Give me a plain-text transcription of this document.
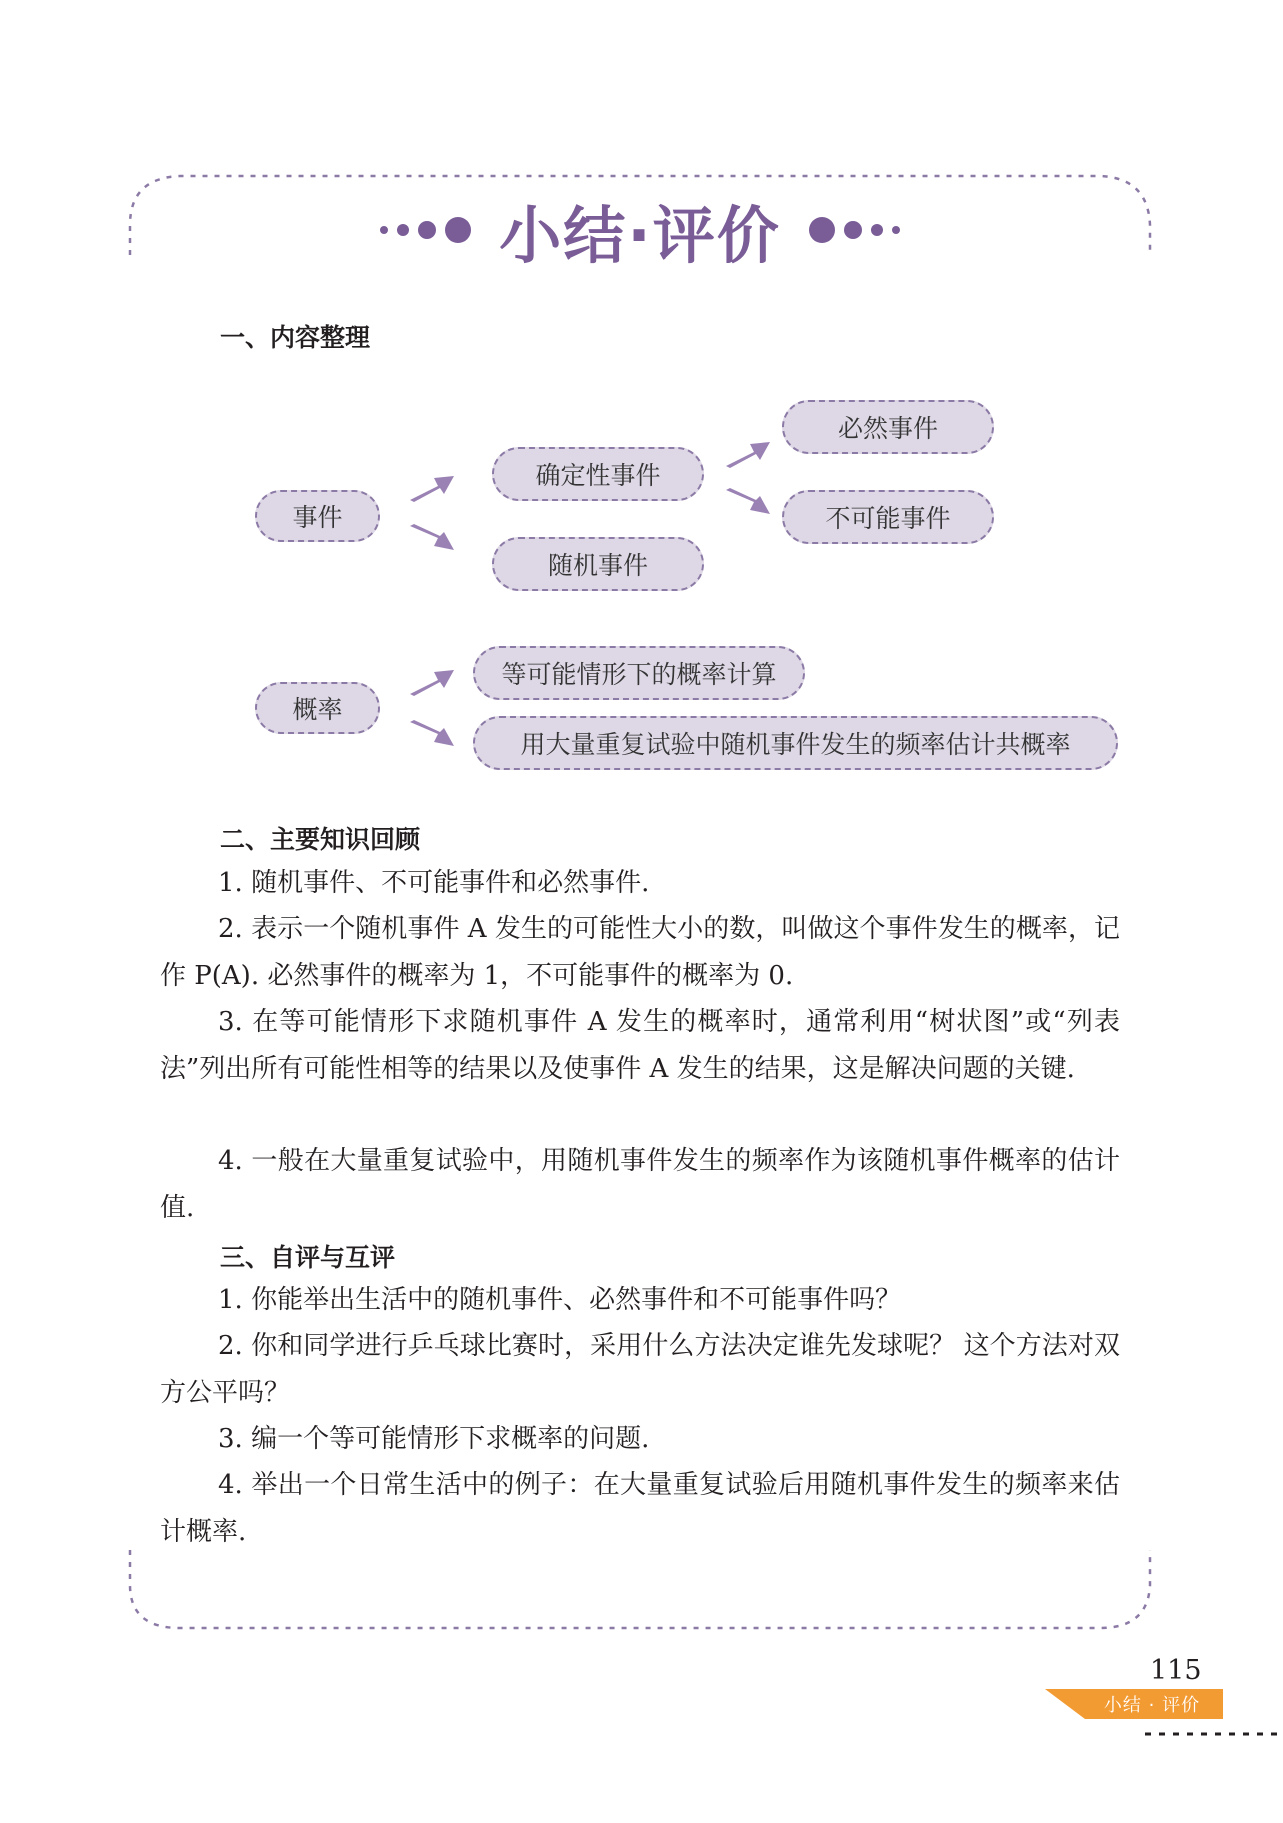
小结·评价
一、内容整理
事件
确定性事件
随机事件
必然事件
不可能事件
概率
等可能情形下的概率计算
用大量重复试验中随机事件发生的频率估计共概率
二、主要知识回顾
1. 随机事件、不可能事件和必然事件.

2. 表示一个随机事件 A 发生的可能性大小的数，叫做这个事件发生的概率，记作 P(A). 必然事件的概率为 1，不可能事件的概率为 0.

3. 在等可能情形下求随机事件 A 发生的概率时，通常利用“树状图”或“列表法”列出所有可能性相等的结果以及使事件 A 发生的结果，这是解决问题的关键.

4. 一般在大量重复试验中，用随机事件发生的频率作为该随机事件概率的估计值.

三、自评与互评
1. 你能举出生活中的随机事件、必然事件和不可能事件吗？

2. 你和同学进行乒乓球比赛时，采用什么方法决定谁先发球呢？ 这个方法对双方公平吗？

3. 编一个等可能情形下求概率的问题.

4. 举出一个日常生活中的例子：在大量重复试验后用随机事件发生的频率来估计概率.

115
小结 · 评价
